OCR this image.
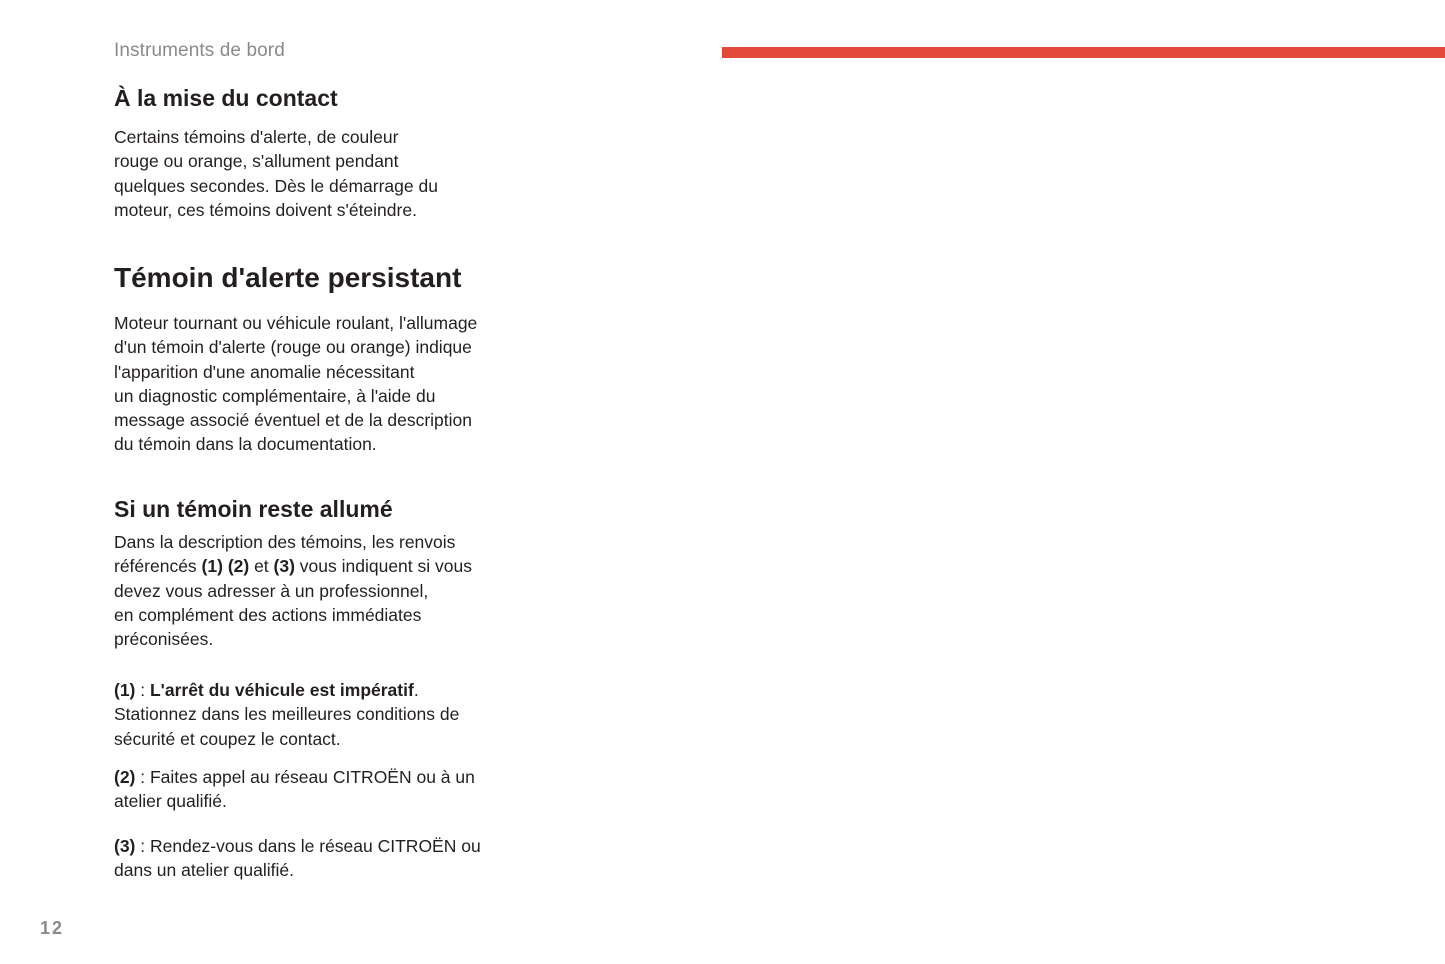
Instruments de bord
À la mise du contact
Certains témoins d'alerte, de couleur
rouge ou orange, s'allument pendant
quelques secondes. Dès le démarrage du
moteur, ces témoins doivent s'éteindre.
Témoin d'alerte persistant
Moteur tournant ou véhicule roulant, l'allumage
d'un témoin d'alerte (rouge ou orange) indique
l'apparition d'une anomalie nécessitant
un diagnostic complémentaire, à l'aide du
message associé éventuel et de la description
du témoin dans la documentation.
Si un témoin reste allumé
Dans la description des témoins, les renvois
référencés (1) (2) et (3) vous indiquent si vous
devez vous adresser à un professionnel,
en complément des actions immédiates
préconisées.
(1) : L'arrêt du véhicule est impératif.
Stationnez dans les meilleures conditions de
sécurité et coupez le contact.
(2) : Faites appel au réseau CITROËN ou à un
atelier qualifié.
(3) : Rendez-vous dans le réseau CITROËN ou
dans un atelier qualifié.
12
